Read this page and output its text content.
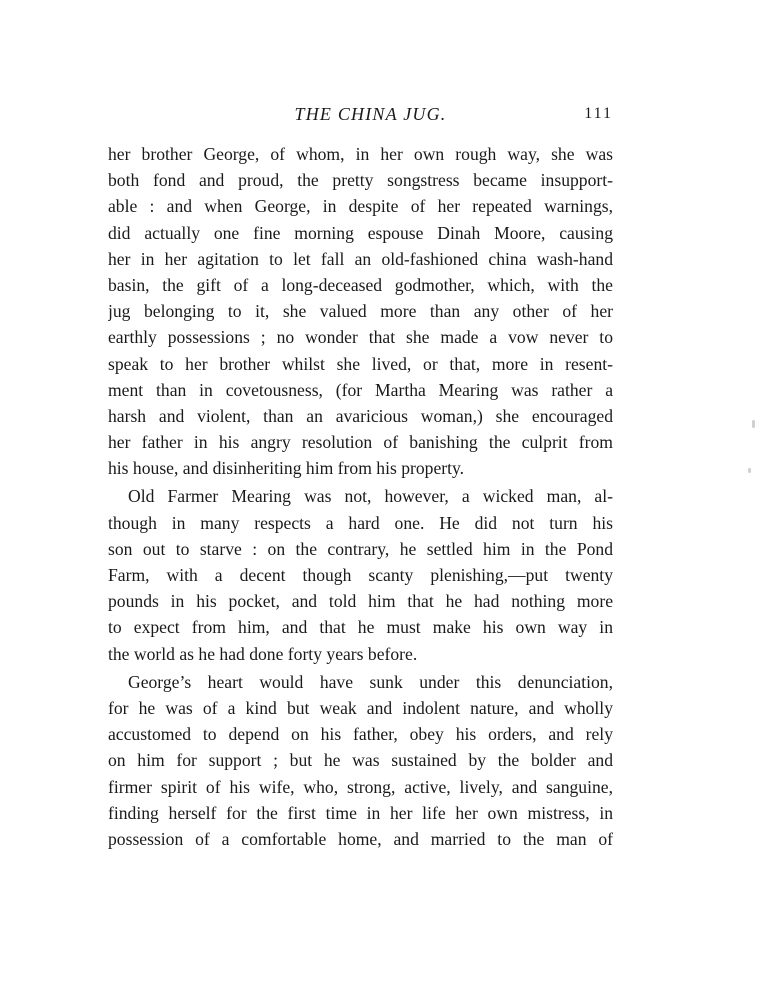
THE CHINA JUG.	111
her brother George, of whom, in her own rough way, she was
both fond and proud, the pretty songstress became insupport-
able : and when George, in despite of her repeated warnings,
did actually one fine morning espouse Dinah Moore, causing
her in her agitation to let fall an old-fashioned china wash-hand
basin, the gift of a long-deceased godmother, which, with the
jug belonging to it, she valued more than any other of her
earthly possessions ; no wonder that she made a vow never to
speak to her brother whilst she lived, or that, more in resent-
ment than in covetousness, (for Martha Mearing was rather a
harsh and violent, than an avaricious woman,) she encouraged
her father in his angry resolution of banishing the culprit from
his house, and disinheriting him from his property.
Old Farmer Mearing was not, however, a wicked man, al-
though in many respects a hard one. He did not turn his
son out to starve : on the contrary, he settled him in the Pond
Farm, with a decent though scanty plenishing,—put twenty
pounds in his pocket, and told him that he had nothing more
to expect from him, and that he must make his own way in
the world as he had done forty years before.
George’s heart would have sunk under this denunciation,
for he was of a kind but weak and indolent nature, and wholly
accustomed to depend on his father, obey his orders, and rely
on him for support ; but he was sustained by the bolder and
firmer spirit of his wife, who, strong, active, lively, and sanguine,
finding herself for the first time in her life her own mistress, in
possession of a comfortable home, and married to the man of
